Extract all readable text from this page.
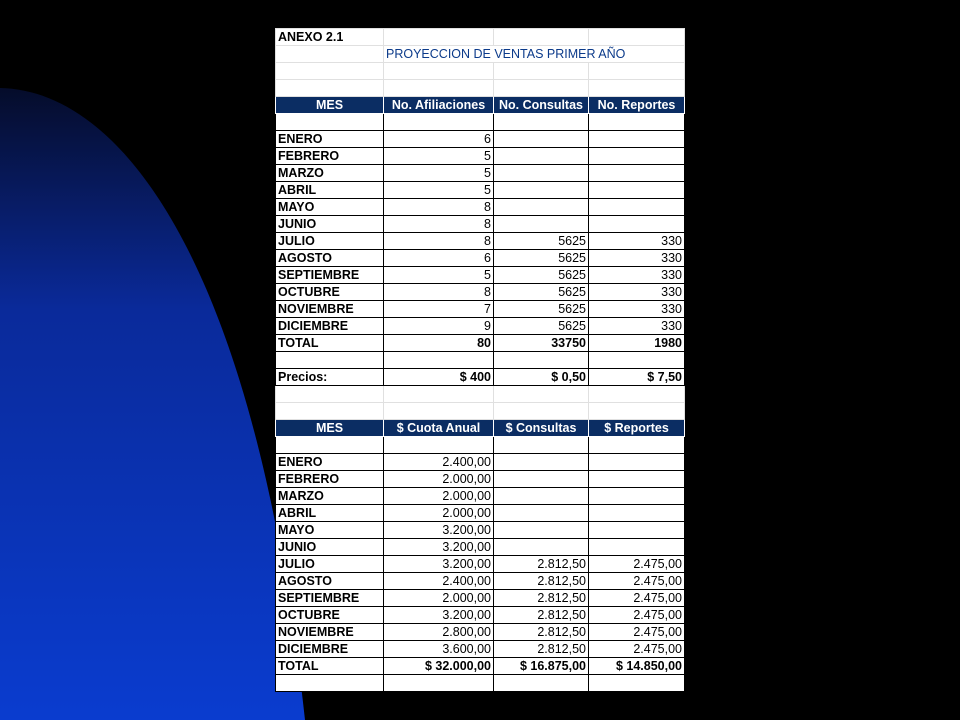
ANEXO 2.1			
	PROYECCION DE VENTAS PRIMER AÑO		

MES	No. Afiliaciones	No. Consultas	No. Reportes

ENERO	6		
FEBRERO	5		
MARZO	5		
ABRIL	5		
MAYO	8		
JUNIO	8		
JULIO	8	5625	330
AGOSTO	6	5625	330
SEPTIEMBRE	5	5625	330
OCTUBRE	8	5625	330
NOVIEMBRE	7	5625	330
DICIEMBRE	9	5625	330
TOTAL	80	33750	1980

Precios:	$ 400	$ 0,50	$ 7,50

MES	$ Cuota Anual	$ Consultas	$ Reportes

ENERO	2.400,00		
FEBRERO	2.000,00		
MARZO	2.000,00		
ABRIL	2.000,00		
MAYO	3.200,00		
JUNIO	3.200,00		
JULIO	3.200,00	2.812,50	2.475,00
AGOSTO	2.400,00	2.812,50	2.475,00
SEPTIEMBRE	2.000,00	2.812,50	2.475,00
OCTUBRE	3.200,00	2.812,50	2.475,00
NOVIEMBRE	2.800,00	2.812,50	2.475,00
DICIEMBRE	3.600,00	2.812,50	2.475,00
TOTAL	$ 32.000,00	$ 16.875,00	$ 14.850,00
